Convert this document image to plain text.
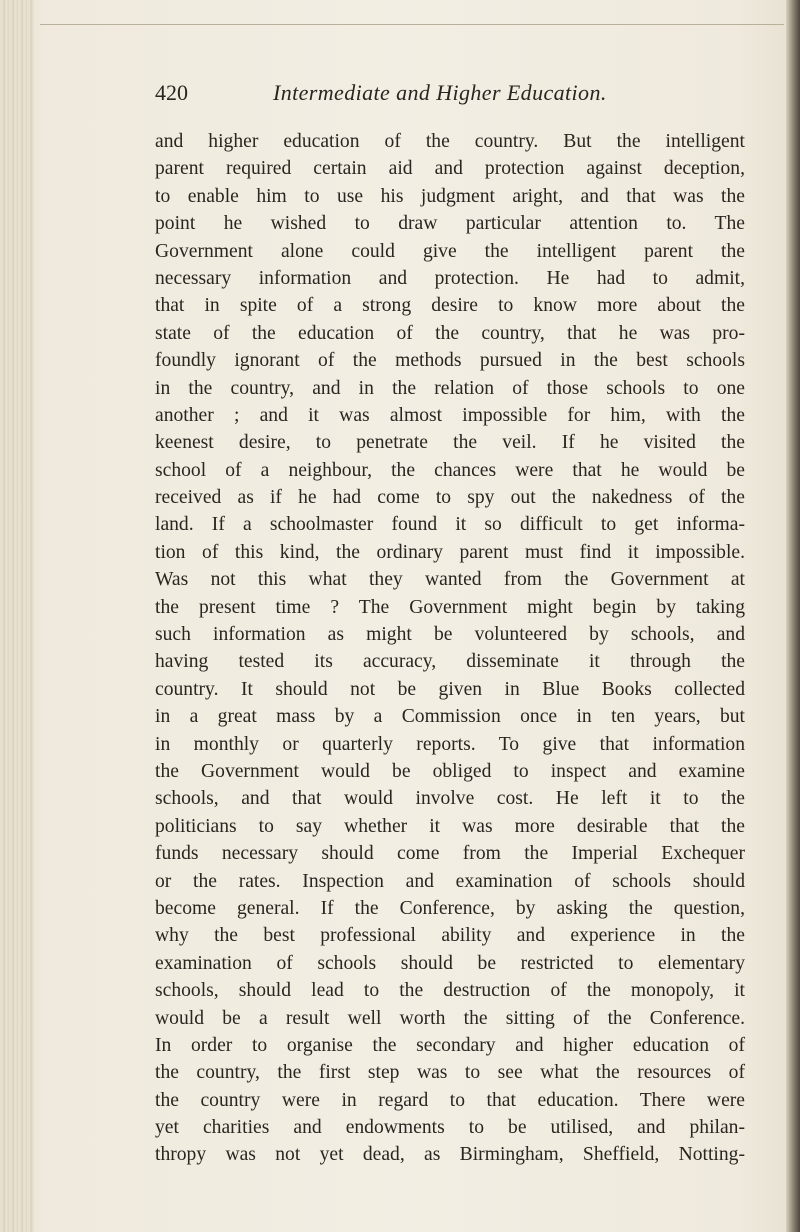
420	Intermediate and Higher Education.
and higher education of the country. But the intelligent
parent required certain aid and protection against deception,
to enable him to use his judgment aright, and that was the
point he wished to draw particular attention to. The
Government alone could give the intelligent parent the
necessary information and protection. He had to admit,
that in spite of a strong desire to know more about the
state of the education of the country, that he was pro-
foundly ignorant of the methods pursued in the best schools
in the country, and in the relation of those schools to one
another ; and it was almost impossible for him, with the
keenest desire, to penetrate the veil. If he visited the
school of a neighbour, the chances were that he would be
received as if he had come to spy out the nakedness of the
land. If a schoolmaster found it so difficult to get informa-
tion of this kind, the ordinary parent must find it impossible.
Was not this what they wanted from the Government at
the present time ? The Government might begin by taking
such information as might be volunteered by schools, and
having tested its accuracy, disseminate it through the
country. It should not be given in Blue Books collected
in a great mass by a Commission once in ten years, but
in monthly or quarterly reports. To give that information
the Government would be obliged to inspect and examine
schools, and that would involve cost. He left it to the
politicians to say whether it was more desirable that the
funds necessary should come from the Imperial Exchequer
or the rates. Inspection and examination of schools should
become general. If the Conference, by asking the question,
why the best professional ability and experience in the
examination of schools should be restricted to elementary
schools, should lead to the destruction of the monopoly, it
would be a result well worth the sitting of the Conference.
In order to organise the secondary and higher education of
the country, the first step was to see what the resources of
the country were in regard to that education. There were
yet charities and endowments to be utilised, and philan-
thropy was not yet dead, as Birmingham, Sheffield, Notting-
